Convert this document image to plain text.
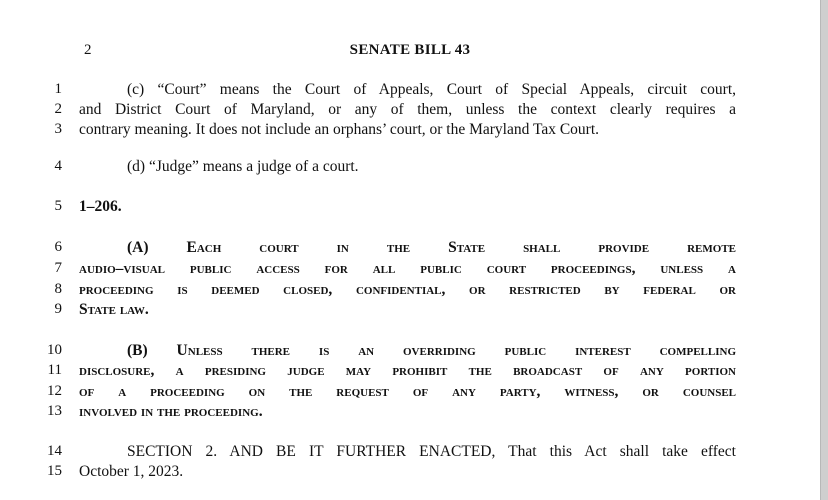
2	SENATE BILL 43
1
2
3
4
5
6
7
8
9
10
11
12
13
14
15
(c) “Court” means the Court of Appeals, Court of Special Appeals, circuit court,
and District Court of Maryland, or any of them, unless the context clearly requires a
contrary meaning. It does not include an orphans’ court, or the Maryland Tax Court.
(d) “Judge” means a judge of a court.
1–206.
(A) Each court in the State shall provide remote
audio–visual public access for all public court proceedings, unless a
proceeding is deemed closed, confidential, or restricted by federal or
State law.
(B) Unless there is an overriding public interest compelling
disclosure, a presiding judge may prohibit the broadcast of any portion
of a proceeding on the request of any party, witness, or counsel
involved in the proceeding.
SECTION 2. AND BE IT FURTHER ENACTED, That this Act shall take effect
October 1, 2023.
